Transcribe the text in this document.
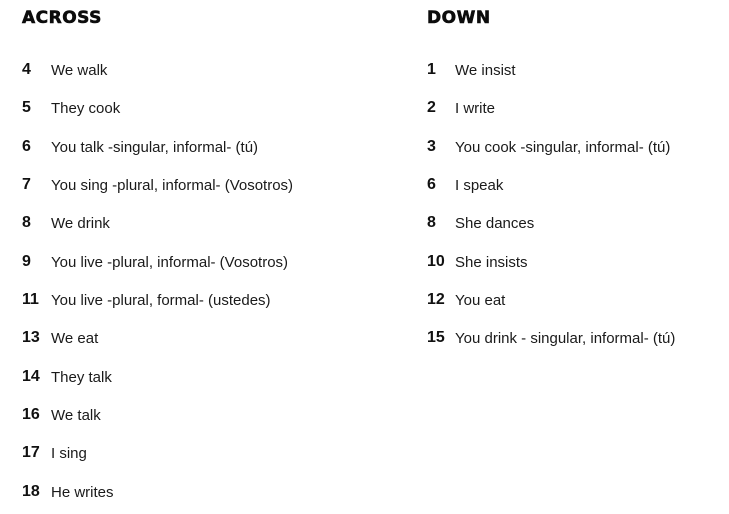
ACROSS
4	We walk
5	They cook
6	You talk -singular, informal- (tú)
7	You sing -plural, informal- (Vosotros)
8	We drink
9	You live -plural, informal- (Vosotros)
11 You live -plural, formal- (ustedes)
13 We eat
14 They talk
16 We talk
17 I sing
18 He writes
DOWN
1	We insist
2	I write
3	You cook -singular, informal- (tú)
6	I speak
8	She dances
10 She insists
12 You eat
15 You drink - singular, informal- (tú)
